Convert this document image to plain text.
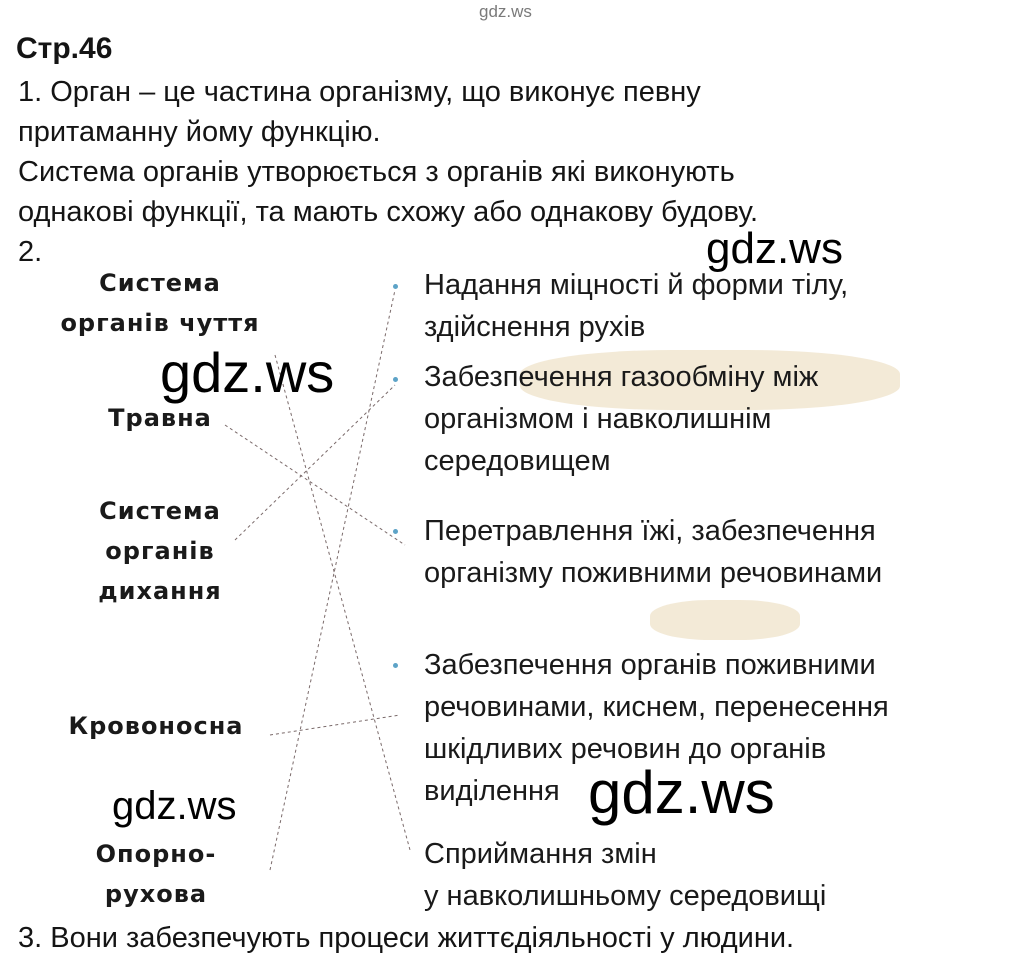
gdz.ws
Стр.46
1. Орган – це частина організму, що виконує певну
притаманну йому функцію.
Система органів утворюється з органів які виконують
однакові функції, та мають схожу або однакову будову.
2.
Система
органів чуття
Травна
Система
органів
дихання
Кровоносна
Опорно-
рухова
Надання міцності й форми тілу,
здійснення рухів
Забезпечення газообміну між
організмом і навколишнім
середовищем
Перетравлення їжі, забезпечення
організму поживними речовинами
Забезпечення органів поживними
речовинами, киснем, перенесення
шкідливих речовин до органів
виділення
Сприймання змін
у навколишньому середовищі
gdz.ws
gdz.ws
gdz.ws	gdz.ws
3. Вони забезпечують процеси життєдіяльності у людини.
